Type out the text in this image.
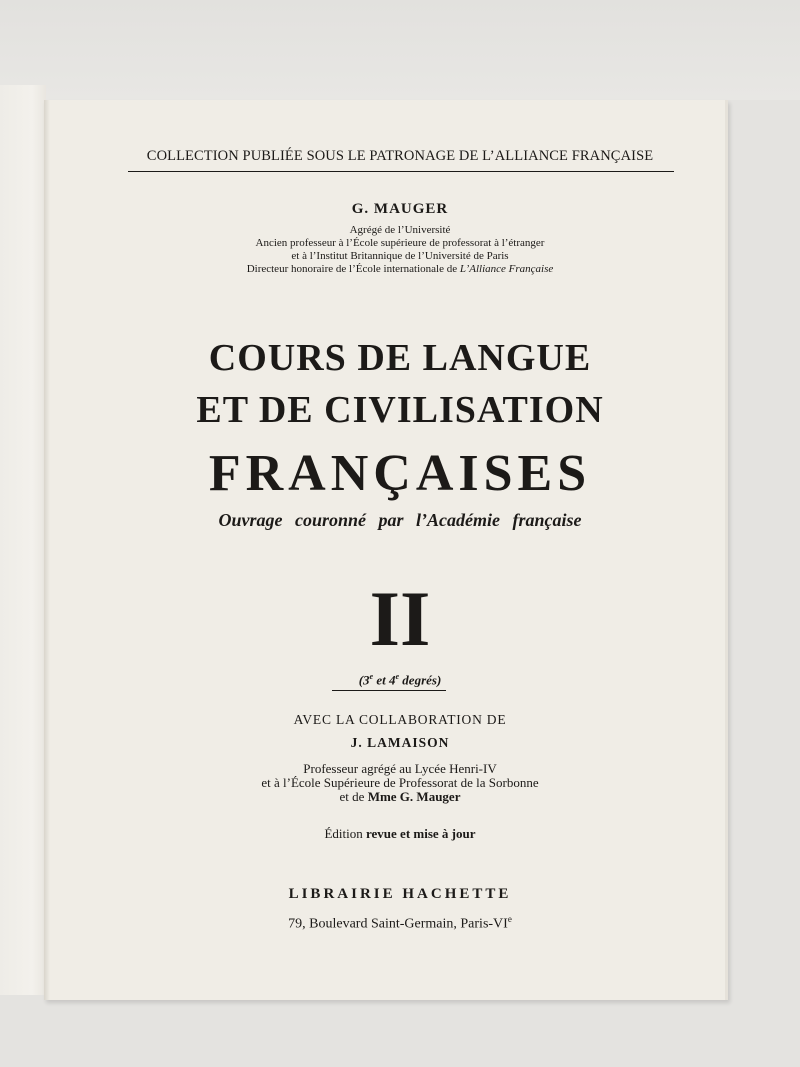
COLLECTION PUBLIÉE SOUS LE PATRONAGE DE L’ALLIANCE FRANÇAISE
G. MAUGER
Agrégé de l’Université
Ancien professeur à l’École supérieure de professorat à l’étranger
et à l’Institut Britannique de l’Université de Paris
Directeur honoraire de l’École internationale de L’Alliance Française
COURS DE LANGUE
ET DE CIVILISATION
FRANÇAISES
Ouvrage couronné par l’Académie française
II
(3e et 4e degrés)
AVEC LA COLLABORATION DE
J. LAMAISON
Professeur agrégé au Lycée Henri-IV
et à l’École Supérieure de Professorat de la Sorbonne
et de Mme G. Mauger
Édition revue et mise à jour
LIBRAIRIE HACHETTE
79, Boulevard Saint-Germain, Paris-VIe
